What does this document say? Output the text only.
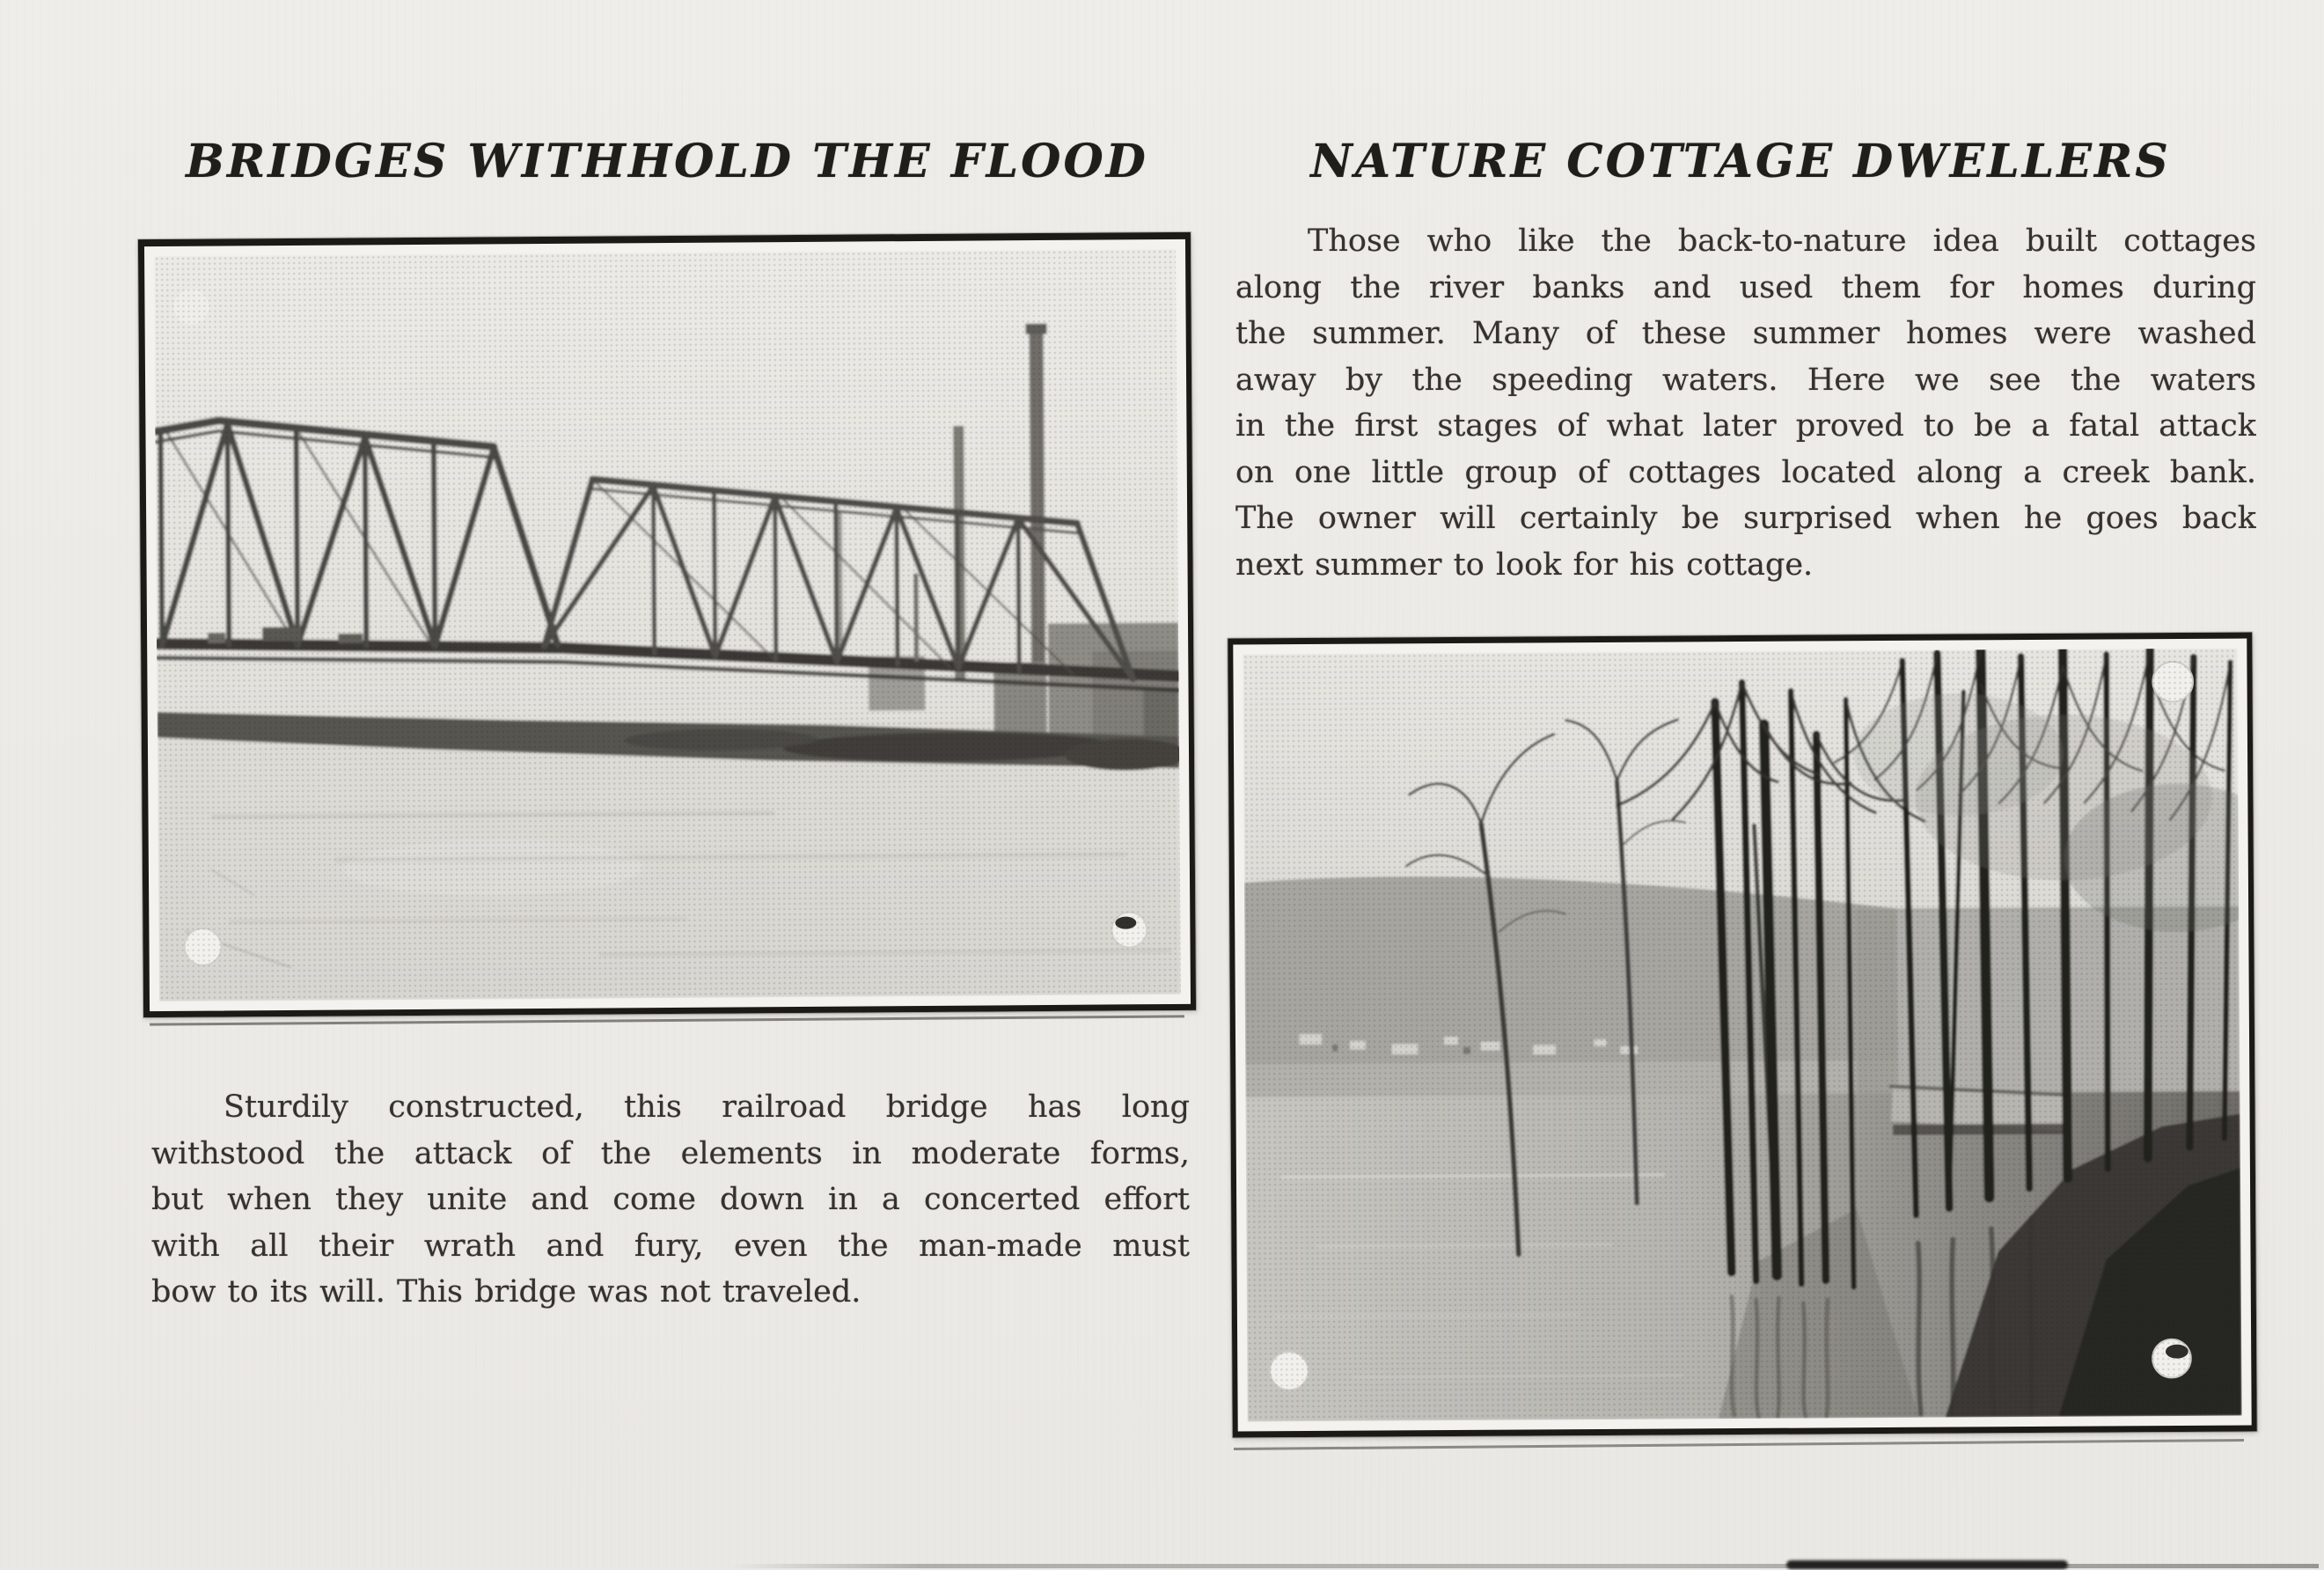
BRIDGES WITHHOLD THE FLOOD
Sturdily constructed, this railroad bridge has long
withstood the attack of the elements in moderate forms,
but when they unite and come down in a concerted effort
with all their wrath and fury, even the man-made must
bow to its will. This bridge was not traveled.
NATURE COTTAGE DWELLERS
Those who like the back-to-nature idea built cottages
along the river banks and used them for homes during
the summer. Many of these summer homes were washed
away by the speeding waters. Here we see the waters
in the first stages of what later proved to be a fatal attack
on one little group of cottages located along a creek bank.
The owner will certainly be surprised when he goes back
next summer to look for his cottage.
